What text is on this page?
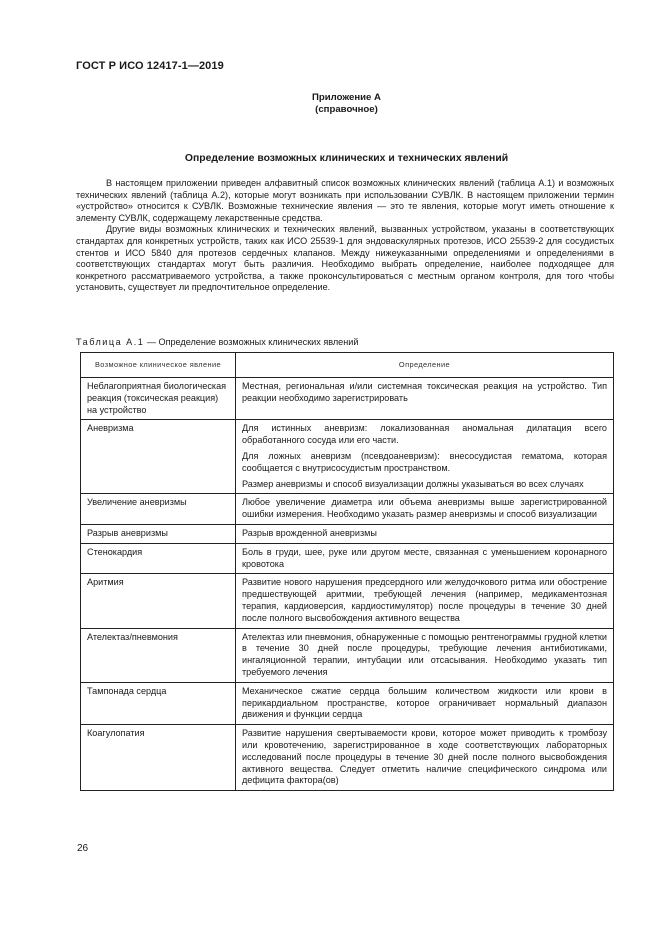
ГОСТ Р ИСО 12417-1—2019
Приложение А
(справочное)
Определение возможных клинических и технических явлений

В настоящем приложении приведен алфавитный список возможных клинических явлений (таблица А.1) и возможных технических явлений (таблица А.2), которые могут возникать при использовании СУВЛК. В настоящем приложении термин «устройство» относится к СУВЛК. Возможные технические явления — это те явления, которые могут иметь отношение к элементу СУВЛК, содержащему лекарственные средства.

Другие виды возможных клинических и технических явлений, вызванных устройством, указаны в соответствующих стандартах для конкретных устройств, таких как ИСО 25539-1 для эндоваскулярных протезов, ИСО 25539-2 для сосудистых стентов и ИСО 5840 для протезов сердечных клапанов. Между нижеуказанными определениями и определениями в соответствующих стандартах могут быть различия. Необходимо выбрать определение, наиболее подходящее для конкретного рассматриваемого устройства, а также проконсультироваться с местным органом контроля, для того чтобы установить, существует ли предпочтительное определение.

Таблица А.1 — Определение возможных клинических явлений
Возможное клиническое явление	Определение
Неблагоприятная биологическая реакция (токсическая реакция) на устройство	Местная, региональная и/или системная токсическая реакция на устройство. Тип реакции необходимо зарегистрировать

Аневризма	Для истинных аневризм: локализованная аномальная дилатация всего обработанного сосуда или его части.

Для ложных аневризм (псевдоаневризм): внесосудистая гематома, которая сообщается с внутрисосудистым пространством.

Размер аневризмы и способ визуализации должны указываться во всех случаях

Увеличение аневризмы	Любое увеличение диаметра или объема аневризмы выше зарегистрированной ошибки измерения. Необходимо указать размер аневризмы и способ визуализации

Разрыв аневризмы	Разрыв врожденной аневризмы

Стенокардия	Боль в груди, шее, руке или другом месте, связанная с уменьшением коронарного кровотока

Аритмия	Развитие нового нарушения предсердного или желудочкового ритма или обострение предшествующей аритмии, требующей лечения (например, медикаментозная терапия, кардиоверсия, кардиостимулятор) после процедуры в течение 30 дней после полного высвобождения активного вещества

Ателектаз/пневмония	Ателектаз или пневмония, обнаруженные с помощью рентгенограммы грудной клетки в течение 30 дней после процедуры, требующие лечения антибиотиками, ингаляционной терапии, интубации или отсасывания. Необходимо указать тип требуемого лечения

Тампонада сердца	Механическое сжатие сердца большим количеством жидкости или крови в перикардиальном пространстве, которое ограничивает нормальный диапазон движения и функции сердца

Коагулопатия	Развитие нарушения свертываемости крови, которое может приводить к тромбозу или кровотечению, зарегистрированное в ходе соответствующих лабораторных исследований после процедуры в течение 30 дней после полного высвобождения активного вещества. Следует отметить наличие специфического синдрома или дефицита фактора(ов)

26
